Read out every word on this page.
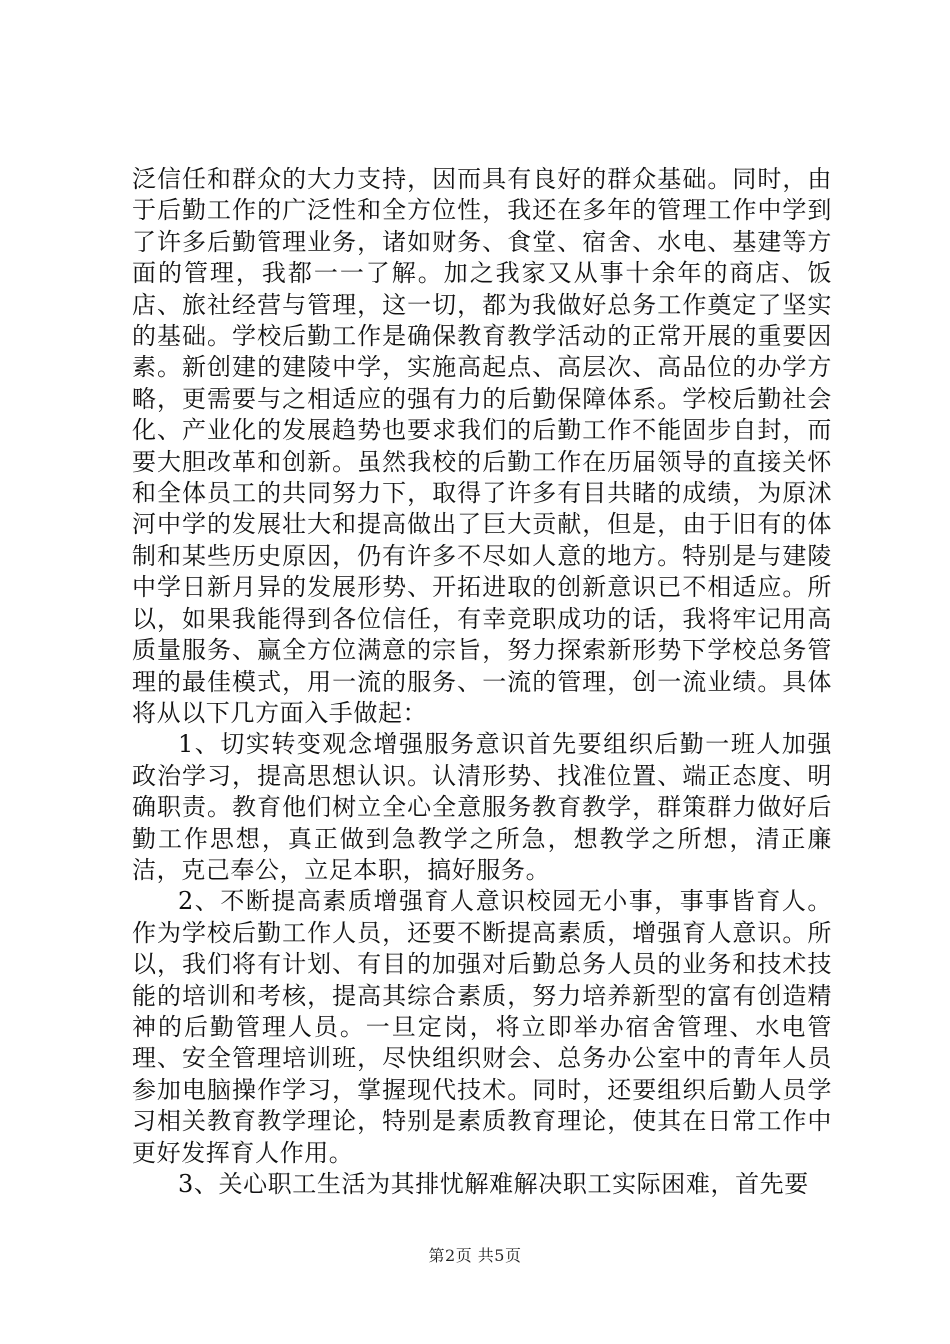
泛信任和群众的大力支持，因而具有良好的群众基础。同时，由于后勤工作的广泛性和全方位性，我还在多年的管理工作中学到了许多后勤管理业务，诸如财务、食堂、宿舍、水电、基建等方面的管理，我都一一了解。加之我家又从事十余年的商店、饭店、旅社经营与管理，这一切，都为我做好总务工作奠定了坚实的基础。学校后勤工作是确保教育教学活动的正常开展的重要因素。新创建的建陵中学，实施高起点、高层次、高品位的办学方略，更需要与之相适应的强有力的后勤保障体系。学校后勤社会化、产业化的发展趋势也要求我们的后勤工作不能固步自封，而要大胆改革和创新。虽然我校的后勤工作在历届领导的直接关怀和全体员工的共同努力下，取得了许多有目共睹的成绩，为原沭河中学的发展壮大和提高做出了巨大贡献，但是，由于旧有的体制和某些历史原因，仍有许多不尽如人意的地方。特别是与建陵中学日新月异的发展形势、开拓进取的创新意识已不相适应。所以，如果我能得到各位信任，有幸竞职成功的话，我将牢记用高质量服务、赢全方位满意的宗旨，努力探索新形势下学校总务管理的最佳模式，用一流的服务、一流的管理，创一流业绩。具体将从以下几方面入手做起：

1、切实转变观念增强服务意识首先要组织后勤一班人加强政治学习，提高思想认识。认清形势、找准位置、端正态度、明确职责。教育他们树立全心全意服务教育教学，群策群力做好后勤工作思想，真正做到急教学之所急，想教学之所想，清正廉洁，克己奉公，立足本职，搞好服务。

2、不断提高素质增强育人意识校园无小事，事事皆育人。作为学校后勤工作人员，还要不断提高素质，增强育人意识。所以，我们将有计划、有目的加强对后勤总务人员的业务和技术技能的培训和考核，提高其综合素质，努力培养新型的富有创造精神的后勤管理人员。一旦定岗，将立即举办宿舍管理、水电管理、安全管理培训班，尽快组织财会、总务办公室中的青年人员参加电脑操作学习，掌握现代技术。同时，还要组织后勤人员学习相关教育教学理论，特别是素质教育理论，使其在日常工作中更好发挥育人作用。

3、关心职工生活为其排忧解难解决职工实际困难，首先要

第2页 共5页
